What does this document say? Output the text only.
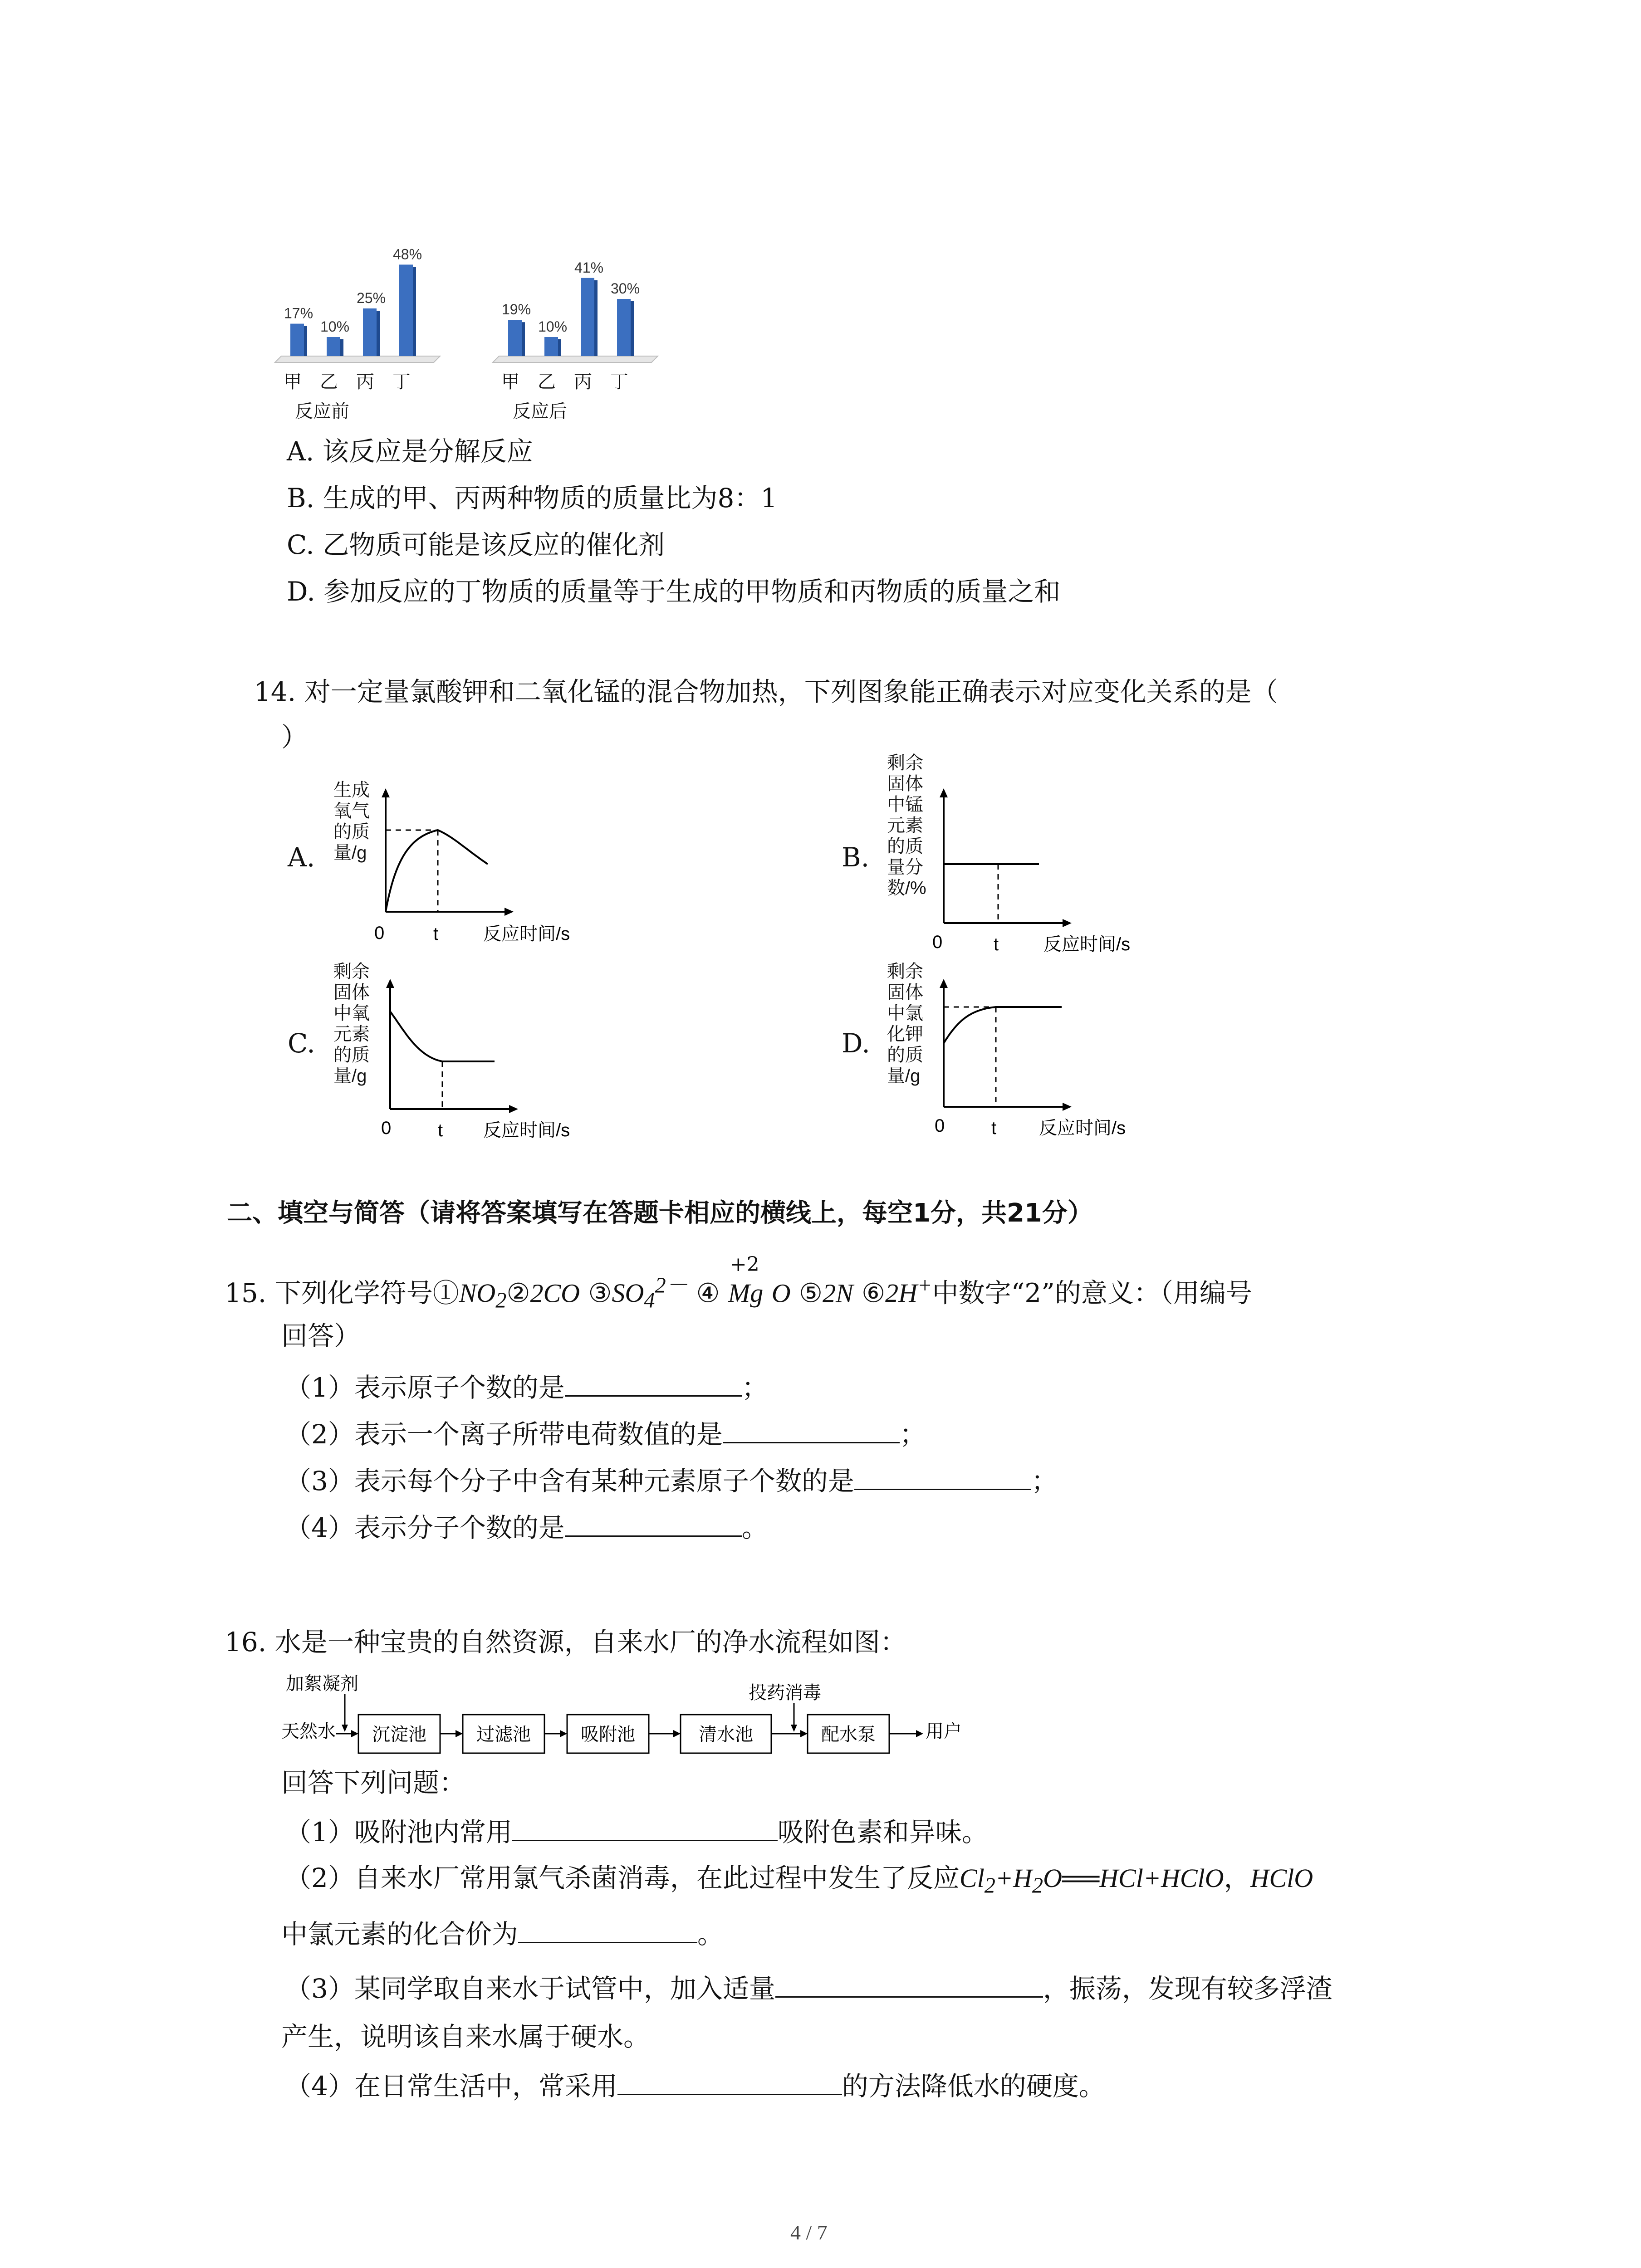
17%
甲
10%
乙
25%
丙
48%
丁
反应前
19%
甲
10%
乙
41%
丙
30%
丁
反应后
A. 该反应是分解反应
B. 生成的甲、丙两种物质的质量比为8：1
C. 乙物质可能是该反应的催化剂
D. 参加反应的丁物质的质量等于生成的甲物质和丙物质的质量之和
14. 对一定量氯酸钾和二氧化锰的混合物加热，下列图象能正确表示对应变化关系的是（
）
A.
生成
氧气
的质
量/g
0	t 反应时间/s
B.
剩余
固体
中锰
元素
的质
量分
数/%
0	t 反应时间/s
C.
剩余
固体
中氧
元素
的质
量/g
0	t 反应时间/s
D.
剩余
固体
中氯
化钾
的质
量/g
0	t 反应时间/s
二、填空与简答（请将答案填写在答题卡相应的横线上，每空1分，共21分）
15. 下列化学符号$①NO_2②2CO$ $③SO_4^{2-}$ ④ Mg
+2
O ⑤2N ⑥2H+中数字“2”的意义：（用编号
回答）
（1）表示原子个数的是	；
（2）表示一个离子所带电荷数值的是	；
（3）表示每个分子中含有某种元素原子个数的是	；
（4）表示分子个数的是	。
16. 水是一种宝贵的自然资源，自来水厂的净水流程如图：
加絮凝剂	投药消毒
天然水	用户
沉淀池	过滤池	吸附池	清水池	配水泵
回答下列问题：
（1）吸附池内常用	吸附色素和异味。
（2）自来水厂常用氯气杀菌消毒，在此过程中发生了反应$Cl_2+H_2O══HCl+HClO$，HClO
中氯元素的化合价为	。
（3）某同学取自来水于试管中，加入适量	，振荡，发现有较多浮渣
产生，说明该自来水属于硬水。
（4）在日常生活中，常采用	的方法降低水的硬度。
4 / 7
